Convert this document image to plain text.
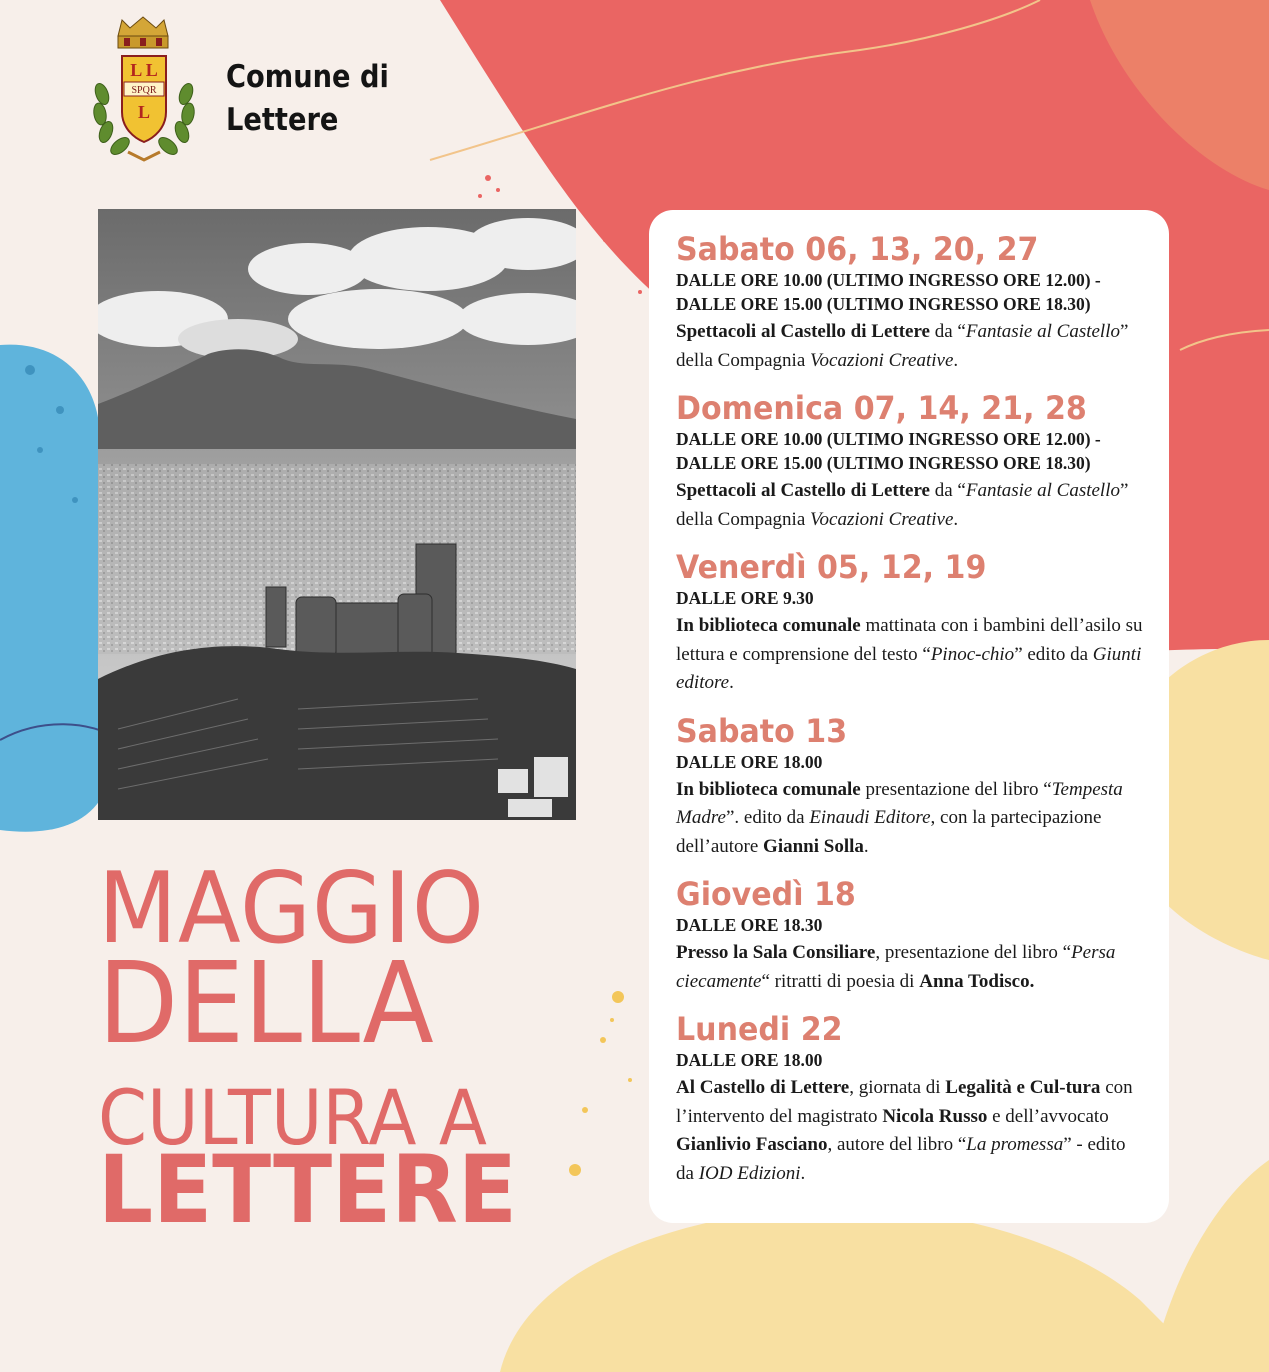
L L
SPQR
L
Comune di
Lettere
MAGGIO
DELLA
CULTURA A
LETTERE
Sabato 06, 13, 20, 27
DALLE ORE 10.00 (ULTIMO INGRESSO ORE 12.00) -
DALLE ORE 15.00 (ULTIMO INGRESSO ORE 18.30)
Spettacoli al Castello di Lettere da “Fantasie al Castello” della Compagnia Vocazioni Creative.
Domenica 07, 14, 21, 28
DALLE ORE 10.00 (ULTIMO INGRESSO ORE 12.00) -
DALLE ORE 15.00 (ULTIMO INGRESSO ORE 18.30)
Spettacoli al Castello di Lettere da “Fantasie al Castello” della Compagnia Vocazioni Creative.
Venerdì 05, 12, 19
DALLE ORE 9.30
In biblioteca comunale mattinata con i bambini dell’asilo su lettura e comprensione del testo “Pinoc-chio” edito da Giunti editore.
Sabato 13
DALLE ORE 18.00
In biblioteca comunale presentazione del libro “Tempesta Madre”. edito da Einaudi Editore, con la partecipazione dell’autore Gianni Solla.
Giovedì 18
DALLE ORE 18.30
Presso la Sala Consiliare, presentazione del libro “Persa ciecamente“ ritratti di poesia di Anna Todisco.
Lunedi 22
DALLE ORE 18.00
Al Castello di Lettere, giornata di Legalità e Cul-tura con l’intervento del magistrato Nicola Russo e dell’avvocato Gianlivio Fasciano, autore del libro “La promessa” - edito da IOD Edizioni.
